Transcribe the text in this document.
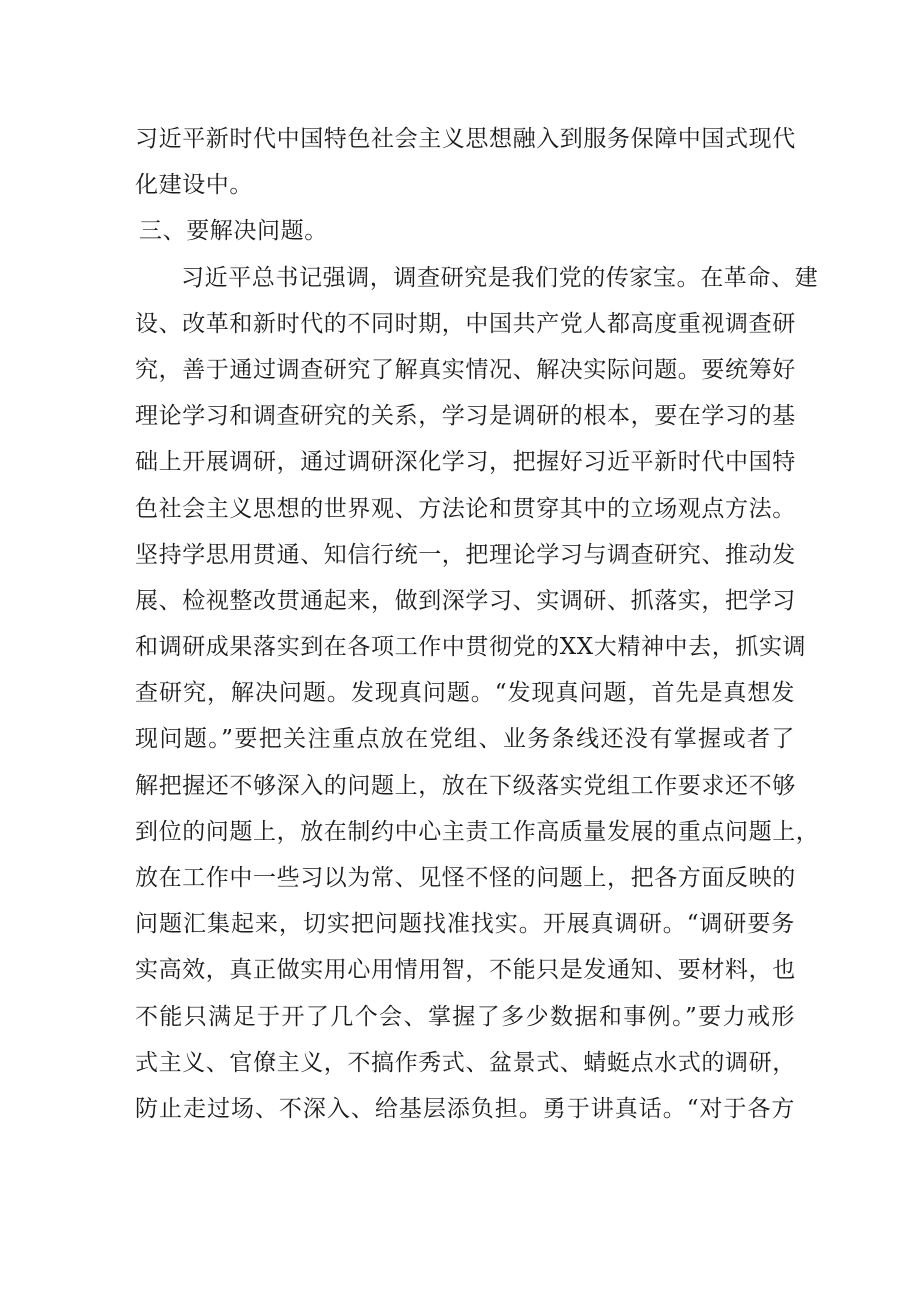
习近平新时代中国特色社会主义思想融入到服务保障中国式现代
化建设中。
三、要解决问题。
习近平总书记强调，调查研究是我们党的传家宝。在革命、建
设、改革和新时代的不同时期，中国共产党人都高度重视调查研
究，善于通过调查研究了解真实情况、解决实际问题。要统筹好
理论学习和调查研究的关系，学习是调研的根本，要在学习的基
础上开展调研，通过调研深化学习，把握好习近平新时代中国特
色社会主义思想的世界观、方法论和贯穿其中的立场观点方法。
坚持学思用贯通、知信行统一，把理论学习与调查研究、推动发
展、检视整改贯通起来，做到深学习、实调研、抓落实，把学习
和调研成果落实到在各项工作中贯彻党的XX大精神中去，抓实调
查研究，解决问题。发现真问题。“发现真问题，首先是真想发
现问题。”要把关注重点放在党组、业务条线还没有掌握或者了
解把握还不够深入的问题上，放在下级落实党组工作要求还不够
到位的问题上，放在制约中心主责工作高质量发展的重点问题上，
放在工作中一些习以为常、见怪不怪的问题上，把各方面反映的
问题汇集起来，切实把问题找准找实。开展真调研。“调研要务
实高效，真正做实用心用情用智，不能只是发通知、要材料，也
不能只满足于开了几个会、掌握了多少数据和事例。”要力戒形
式主义、官僚主义，不搞作秀式、盆景式、蜻蜓点水式的调研，
防止走过场、不深入、给基层添负担。勇于讲真话。“对于各方
